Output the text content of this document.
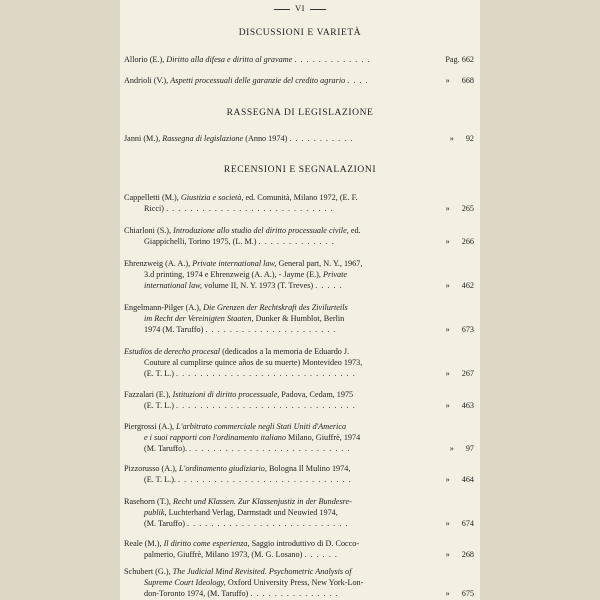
VI
DISCUSSIONI E VARIETÀ
Allorio (E.), Diritto alla difesa e diritto al gravame . . . . . . . . . . . . .	Pag. 662
Andrioli (V.), Aspetti processuali delle garanzie del credito agrario . . . .	» 668
RASSEGNA DI LEGISLAZIONE
Janni (M.), Rassegna di legislazione (Anno 1974) . . . . . . . . . . .	» 92
RECENSIONI E SEGNALAZIONI
Cappelletti (M.), Giustizia e società, ed. Comunità, Milano 1972, (E. F.
Ricci) . . . . . . . . . . . . . . . . . . . . . . . . . . . .	» 265
Chiarloni (S.), Introduzione allo studio del diritto processuale civile, ed.
Giappichelli, Torino 1975, (L. M.) . . . . . . . . . . . . .	» 266
Ehrenzweig (A. A.), Private international law, General part, N. Y., 1967,
3.d printing, 1974 e Ehrenzweig (A. A.), - Jayme (E.), Private
international law, volume II, N. Y. 1973 (T. Treves) . . . . .	» 462
Engelmann-Pilger (A.), Die Grenzen der Rechtskraft des Zivilurteils
im Recht der Vereinigten Staaten, Dunker & Humblot, Berlin
1974 (M. Taruffo) . . . . . . . . . . . . . . . . . . . . . .	» 673
Estudios de derecho procesal (dedicados a la memoria de Eduardo J.
Couture al cumplirse quince años de su muerte) Montevideo 1973,
(E. T. L.) . . . . . . . . . . . . . . . . . . . . . . . . . . . . . .	» 267
Fazzalari (E.), Istituzioni di diritto processuale, Padova, Cedam, 1975
(E. T. L.) . . . . . . . . . . . . . . . . . . . . . . . . . . . . . .	» 463
Piergrossi (A.), L'arbitrato commerciale negli Stati Uniti d'America
e i suoi rapporti con l'ordinamento italiano Milano, Giuffrè, 1974
(M. Taruffo). . . . . . . . . . . . . . . . . . . . . . . . . . . .	» 97
Pizzorusso (A.), L'ordinamento giudiziario, Bologna Il Mulino 1974,
(E. T. L.). . . . . . . . . . . . . . . . . . . . . . . . . . . . . .	» 464
Rasehorn (T.), Recht und Klassen. Zur Klassenjustiz in der Bundesre-
publik, Luchterhand Verlag, Darmstadt und Neuwied 1974,
(M. Taruffo) . . . . . . . . . . . . . . . . . . . . . . . . . . .	» 674
Reale (M.), Il diritto come esperienza, Saggio introduttivo di D. Cocco-
palmerio, Giuffrè, Milano 1973, (M. G. Losano) . . . . . .	» 268
Schubert (G.), The Judicial Mind Revisited. Psychometric Analysis of
Supreme Court Ideology, Oxford University Press, New York-Lon-
don-Toronto 1974, (M. Taruffo) . . . . . . . . . . . . . . .	» 675
